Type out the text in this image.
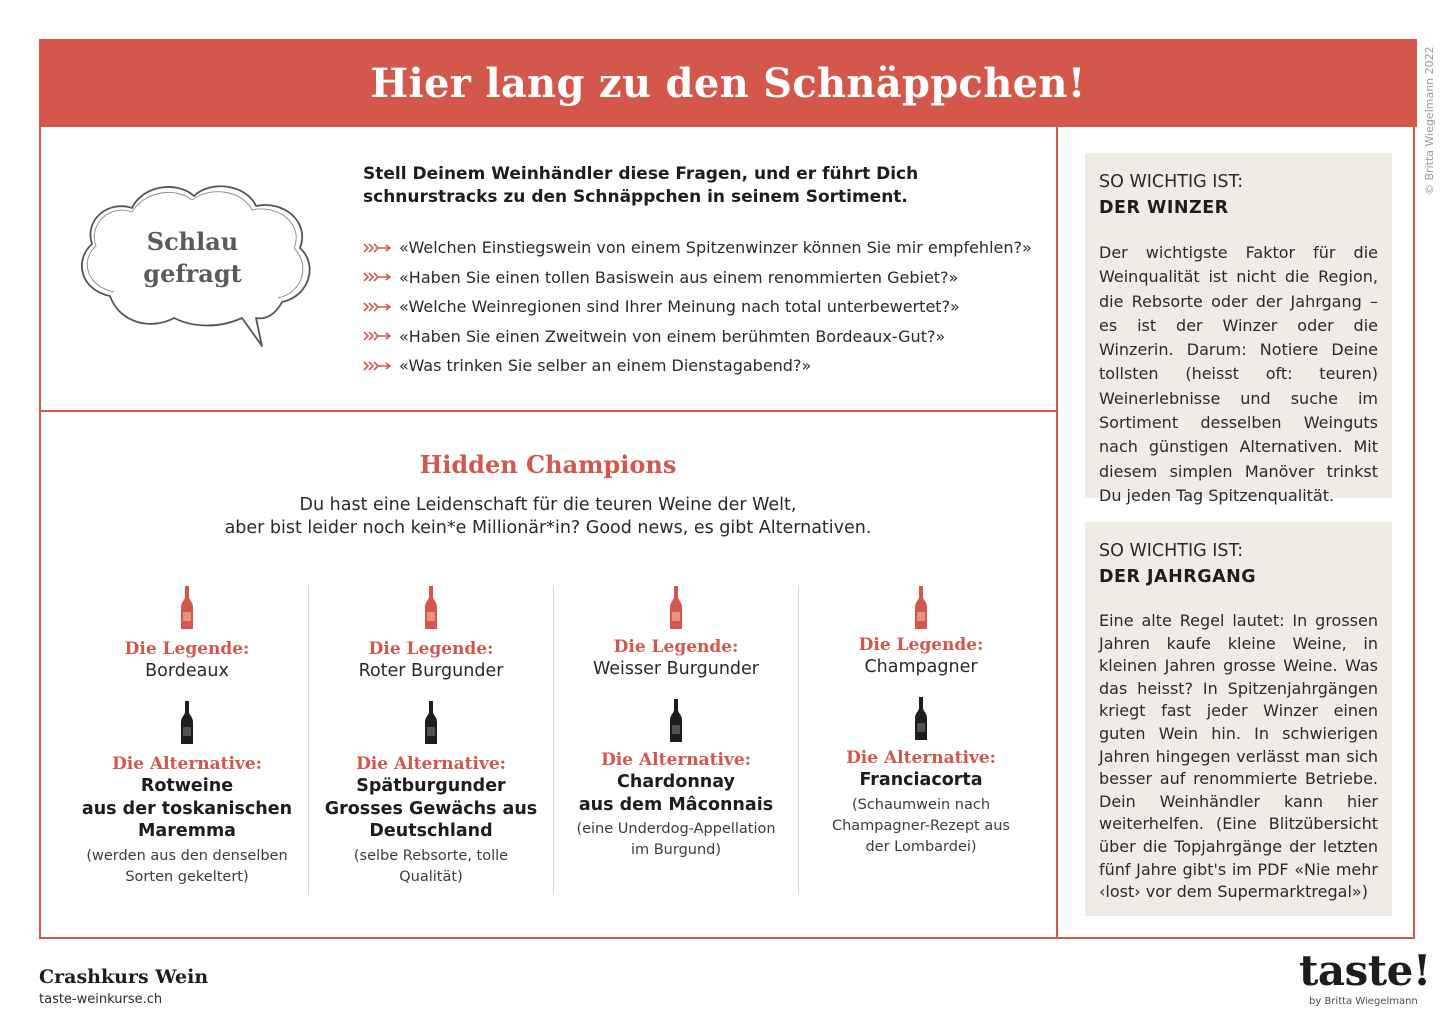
Hier lang zu den Schnäppchen!	© Britta Wiegelmann 2022
Schlau
gefragt

Stell Deinem Weinhändler diese Fragen, und er führt Dich
schnurstracks zu den Schnäppchen in seinem Sortiment.

«Welchen Einstiegswein von einem Spitzenwinzer können Sie mir empfehlen?»
«Haben Sie einen tollen Basiswein aus einem renommierten Gebiet?»
«Welche Weinregionen sind Ihrer Meinung nach total unterbewertet?»
«Haben Sie einen Zweitwein von einem berühmten Bordeaux-Gut?»
«Was trinken Sie selber an einem Dienstagabend?»
Hidden Champions

Du hast eine Leidenschaft für die teuren Weine der Welt,
aber bist leider noch kein*e Millionär*in? Good news, es gibt Alternativen.

Die Legende:
Bordeaux
Die Alternative:
Rotweine
aus der toskanischen
Maremma
(werden aus den denselben
Sorten gekeltert)
Die Legende:
Roter Burgunder
Die Alternative:
Spätburgunder
Grosses Gewächs aus
Deutschland
(selbe Rebsorte, tolle
Qualität)
Die Legende:
Weisser Burgunder
Die Alternative:
Chardonnay
aus dem Mâconnais
(eine Underdog-Appellation
im Burgund)
Die Legende:
Champagner
Die Alternative:
Franciacorta
(Schaumwein nach
Champagner-Rezept aus
der Lombardei)
SO WICHTIG IST:
DER WINZER

Der wichtigste Faktor für die Weinqualität ist nicht die Region, die Rebsorte oder der Jahrgang – es ist der Winzer oder die Winzerin. Darum: Notiere Deine tollsten (heisst oft: teuren) Weinerlebnisse und suche im Sortiment desselben Weinguts nach günstigen Alternativen. Mit diesem simplen Manöver trinkst Du jeden Tag Spitzenqualität.

SO WICHTIG IST:
DER JAHRGANG

Eine alte Regel lautet: In grossen Jahren kaufe kleine Weine, in kleinen Jahren grosse Weine. Was das heisst? In Spitzenjahrgängen kriegt fast jeder Winzer einen guten Wein hin. In schwierigen Jahren hingegen verlässt man sich besser auf renommierte Betriebe. Dein Weinhändler kann hier weiterhelfen. (Eine Blitzübersicht über die Topjahrgänge der letzten fünf Jahre gibt's im PDF «Nie mehr ‹lost› vor dem Supermarktregal»)

Crashkurs Wein

taste-weinkurse.ch
taste!
by Britta Wiegelmann
